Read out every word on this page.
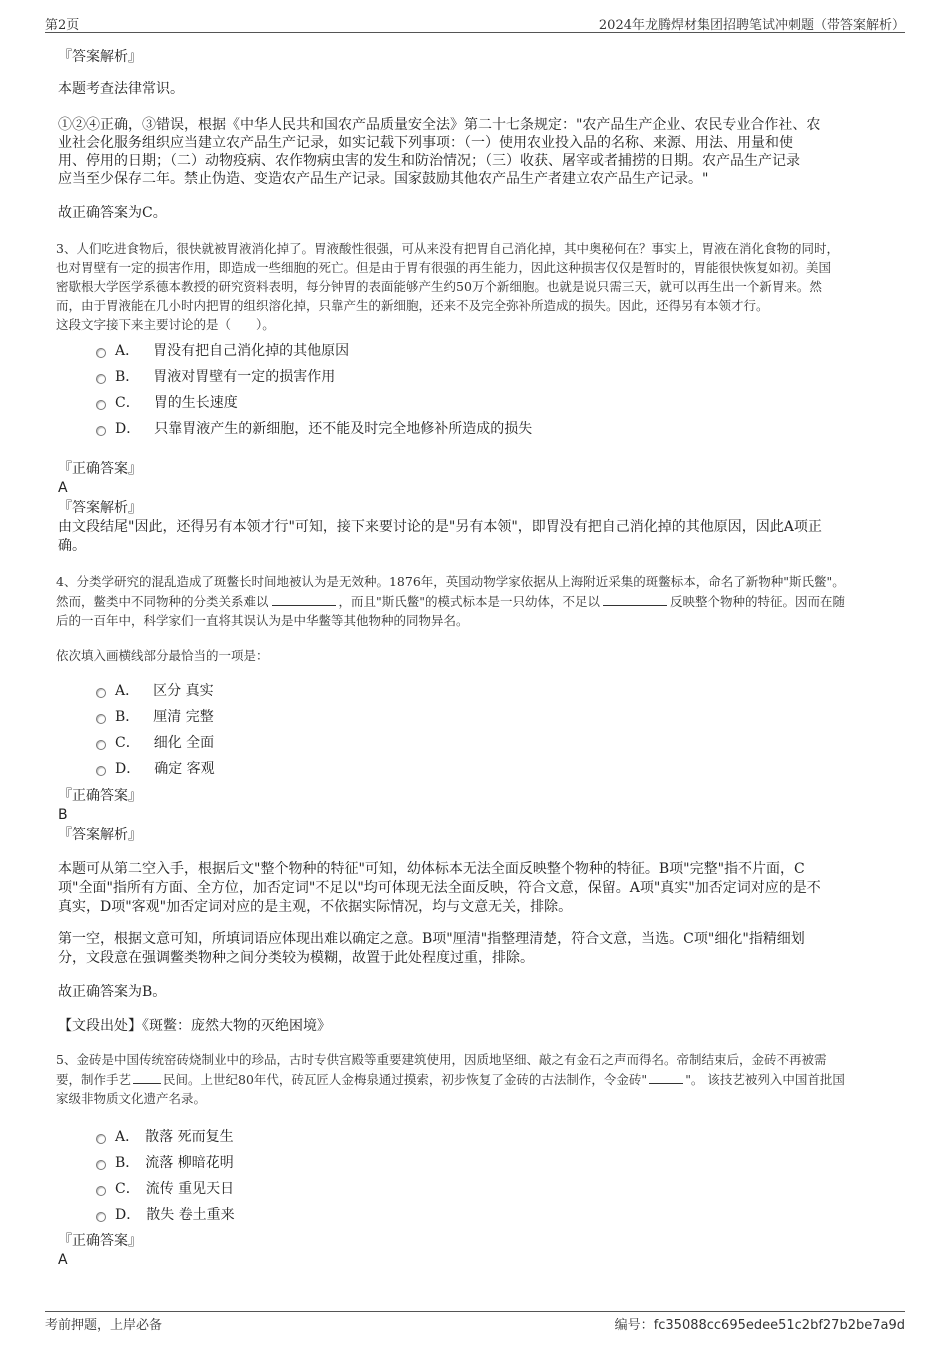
第2页	2024年龙腾焊材集团招聘笔试冲刺题（带答案解析）
『答案解析』
本题考查法律常识。
①②④正确，③错误，根据《中华人民共和国农产品质量安全法》第二十七条规定："农产品生产企业、农民专业合作社、农
业社会化服务组织应当建立农产品生产记录，如实记载下列事项：（一）使用农业投入品的名称、来源、用法、用量和使
用、停用的日期；（二）动物疫病、农作物病虫害的发生和防治情况；（三）收获、屠宰或者捕捞的日期。农产品生产记录
应当至少保存二年。禁止伪造、变造农产品生产记录。国家鼓励其他农产品生产者建立农产品生产记录。"
故正确答案为C。
3、人们吃进食物后，很快就被胃液消化掉了。胃液酸性很强，可从来没有把胃自己消化掉，其中奥秘何在？事实上，胃液在消化食物的同时，
也对胃壁有一定的损害作用，即造成一些细胞的死亡。但是由于胃有很强的再生能力，因此这种损害仅仅是暂时的，胃能很快恢复如初。美国
密歇根大学医学系德本教授的研究资料表明，每分钟胃的表面能够产生约50万个新细胞。也就是说只需三天，就可以再生出一个新胃来。然
而，由于胃液能在几小时内把胃的组织溶化掉，只靠产生的新细胞，还来不及完全弥补所造成的损失。因此，还得另有本领才行。
这段文字接下来主要讨论的是（　　）。
A． 胃没有把自己消化掉的其他原因
B． 胃液对胃壁有一定的损害作用
C． 胃的生长速度
D． 只靠胃液产生的新细胞，还不能及时完全地修补所造成的损失
『正确答案』
A
『答案解析』
由文段结尾"因此，还得另有本领才行"可知，接下来要讨论的是"另有本领"，即胃没有把自己消化掉的其他原因，因此A项正
确。
4、分类学研究的混乱造成了斑鳖长时间地被认为是无效种。1876年，英国动物学家依据从上海附近采集的斑鳖标本，命名了新物种"斯氏鳖"。
然而，鳖类中不同物种的分类关系难以	，而且"斯氏鳖"的模式标本是一只幼体，不足以	反映整个物种的特征。因而在随
后的一百年中，科学家们一直将其误认为是中华鳖等其他物种的同物异名。
依次填入画横线部分最恰当的一项是：
A． 区分 真实
B． 厘清 完整
C． 细化 全面
D． 确定 客观
『正确答案』
B
『答案解析』
本题可从第二空入手，根据后文"整个物种的特征"可知，幼体标本无法全面反映整个物种的特征。B项"完整"指不片面，C
项"全面"指所有方面、全方位，加否定词"不足以"均可体现无法全面反映，符合文意，保留。A项"真实"加否定词对应的是不
真实，D项"客观"加否定词对应的是主观，不依据实际情况，均与文意无关，排除。
第一空，根据文意可知，所填词语应体现出难以确定之意。B项"厘清"指整理清楚，符合文意，当选。C项"细化"指精细划
分，文段意在强调鳖类物种之间分类较为模糊，故置于此处程度过重，排除。
故正确答案为B。
【文段出处】《斑鳖：庞然大物的灭绝困境》
5、金砖是中国传统窑砖烧制业中的珍品，古时专供宫殿等重要建筑使用，因质地坚细、敲之有金石之声而得名。帝制结束后，金砖不再被需
要，制作手艺	民间。上世纪80年代，砖瓦匠人金梅泉通过摸索，初步恢复了金砖的古法制作，令金砖"	"。 该技艺被列入中国首批国
家级非物质文化遗产名录。
A． 散落 死而复生
B． 流落 柳暗花明
C． 流传 重见天日
D． 散失 卷土重来
『正确答案』
A
考前押题，上岸必备	编号：fc35088cc695edee51c2bf27b2be7a9d
